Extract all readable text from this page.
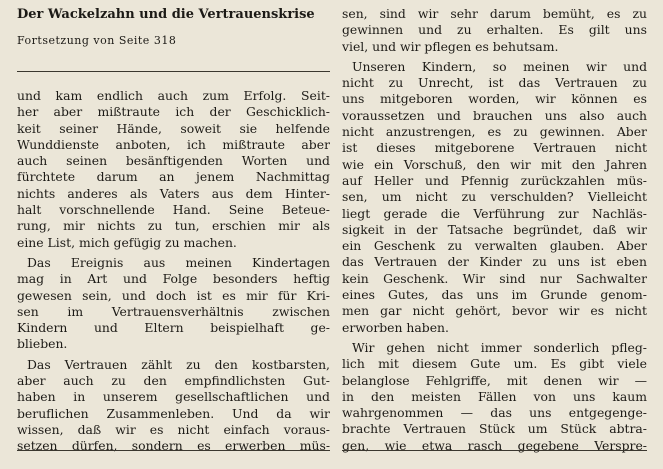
Der Wackelzahn und die Vertrauenskrise
Fortsetzung von Seite 318
und kam endlich auch zum Erfolg. Seit-
her aber mißtraute ich der Geschicklich-
keit seiner Hände, soweit sie helfende
Wunddienste anboten, ich mißtraute aber
auch seinen besänftigenden Worten und
fürchtete darum an jenem Nachmittag
nichts anderes als Vaters aus dem Hinter-
halt vorschnellende Hand. Seine Beteue-
rung, mir nichts zu tun, erschien mir als
eine List, mich gefügig zu machen.
Das Ereignis aus meinen Kindertagen
mag in Art und Folge besonders heftig
gewesen sein, und doch ist es mir für Kri-
sen im Vertrauensverhältnis zwischen
Kindern und Eltern beispielhaft ge-
blieben.
Das Vertrauen zählt zu den kostbarsten,
aber auch zu den empfindlichsten Gut-
haben in unserem gesellschaftlichen und
beruflichen Zusammenleben. Und da wir
wissen, daß wir es nicht einfach voraus-
setzen dürfen, sondern es erwerben müs-
sen, sind wir sehr darum bemüht, es zu
gewinnen und zu erhalten. Es gilt uns
viel, und wir pflegen es behutsam.
Unseren Kindern, so meinen wir und
nicht zu Unrecht, ist das Vertrauen zu
uns mitgeboren worden, wir können es
voraussetzen und brauchen uns also auch
nicht anzustrengen, es zu gewinnen. Aber
ist dieses mitgeborene Vertrauen nicht
wie ein Vorschuß, den wir mit den Jahren
auf Heller und Pfennig zurückzahlen müs-
sen, um nicht zu verschulden? Vielleicht
liegt gerade die Verführung zur Nachläs-
sigkeit in der Tatsache begründet, daß wir
ein Geschenk zu verwalten glauben. Aber
das Vertrauen der Kinder zu uns ist eben
kein Geschenk. Wir sind nur Sachwalter
eines Gutes, das uns im Grunde genom-
men gar nicht gehört, bevor wir es nicht
erworben haben.
Wir gehen nicht immer sonderlich pfleg-
lich mit diesem Gute um. Es gibt viele
belanglose Fehlgriffe, mit denen wir —
in den meisten Fällen von uns kaum
wahrgenommen — das uns entgegenge-
brachte Vertrauen Stück um Stück abtra-
gen, wie etwa rasch gegebene Verspre-
